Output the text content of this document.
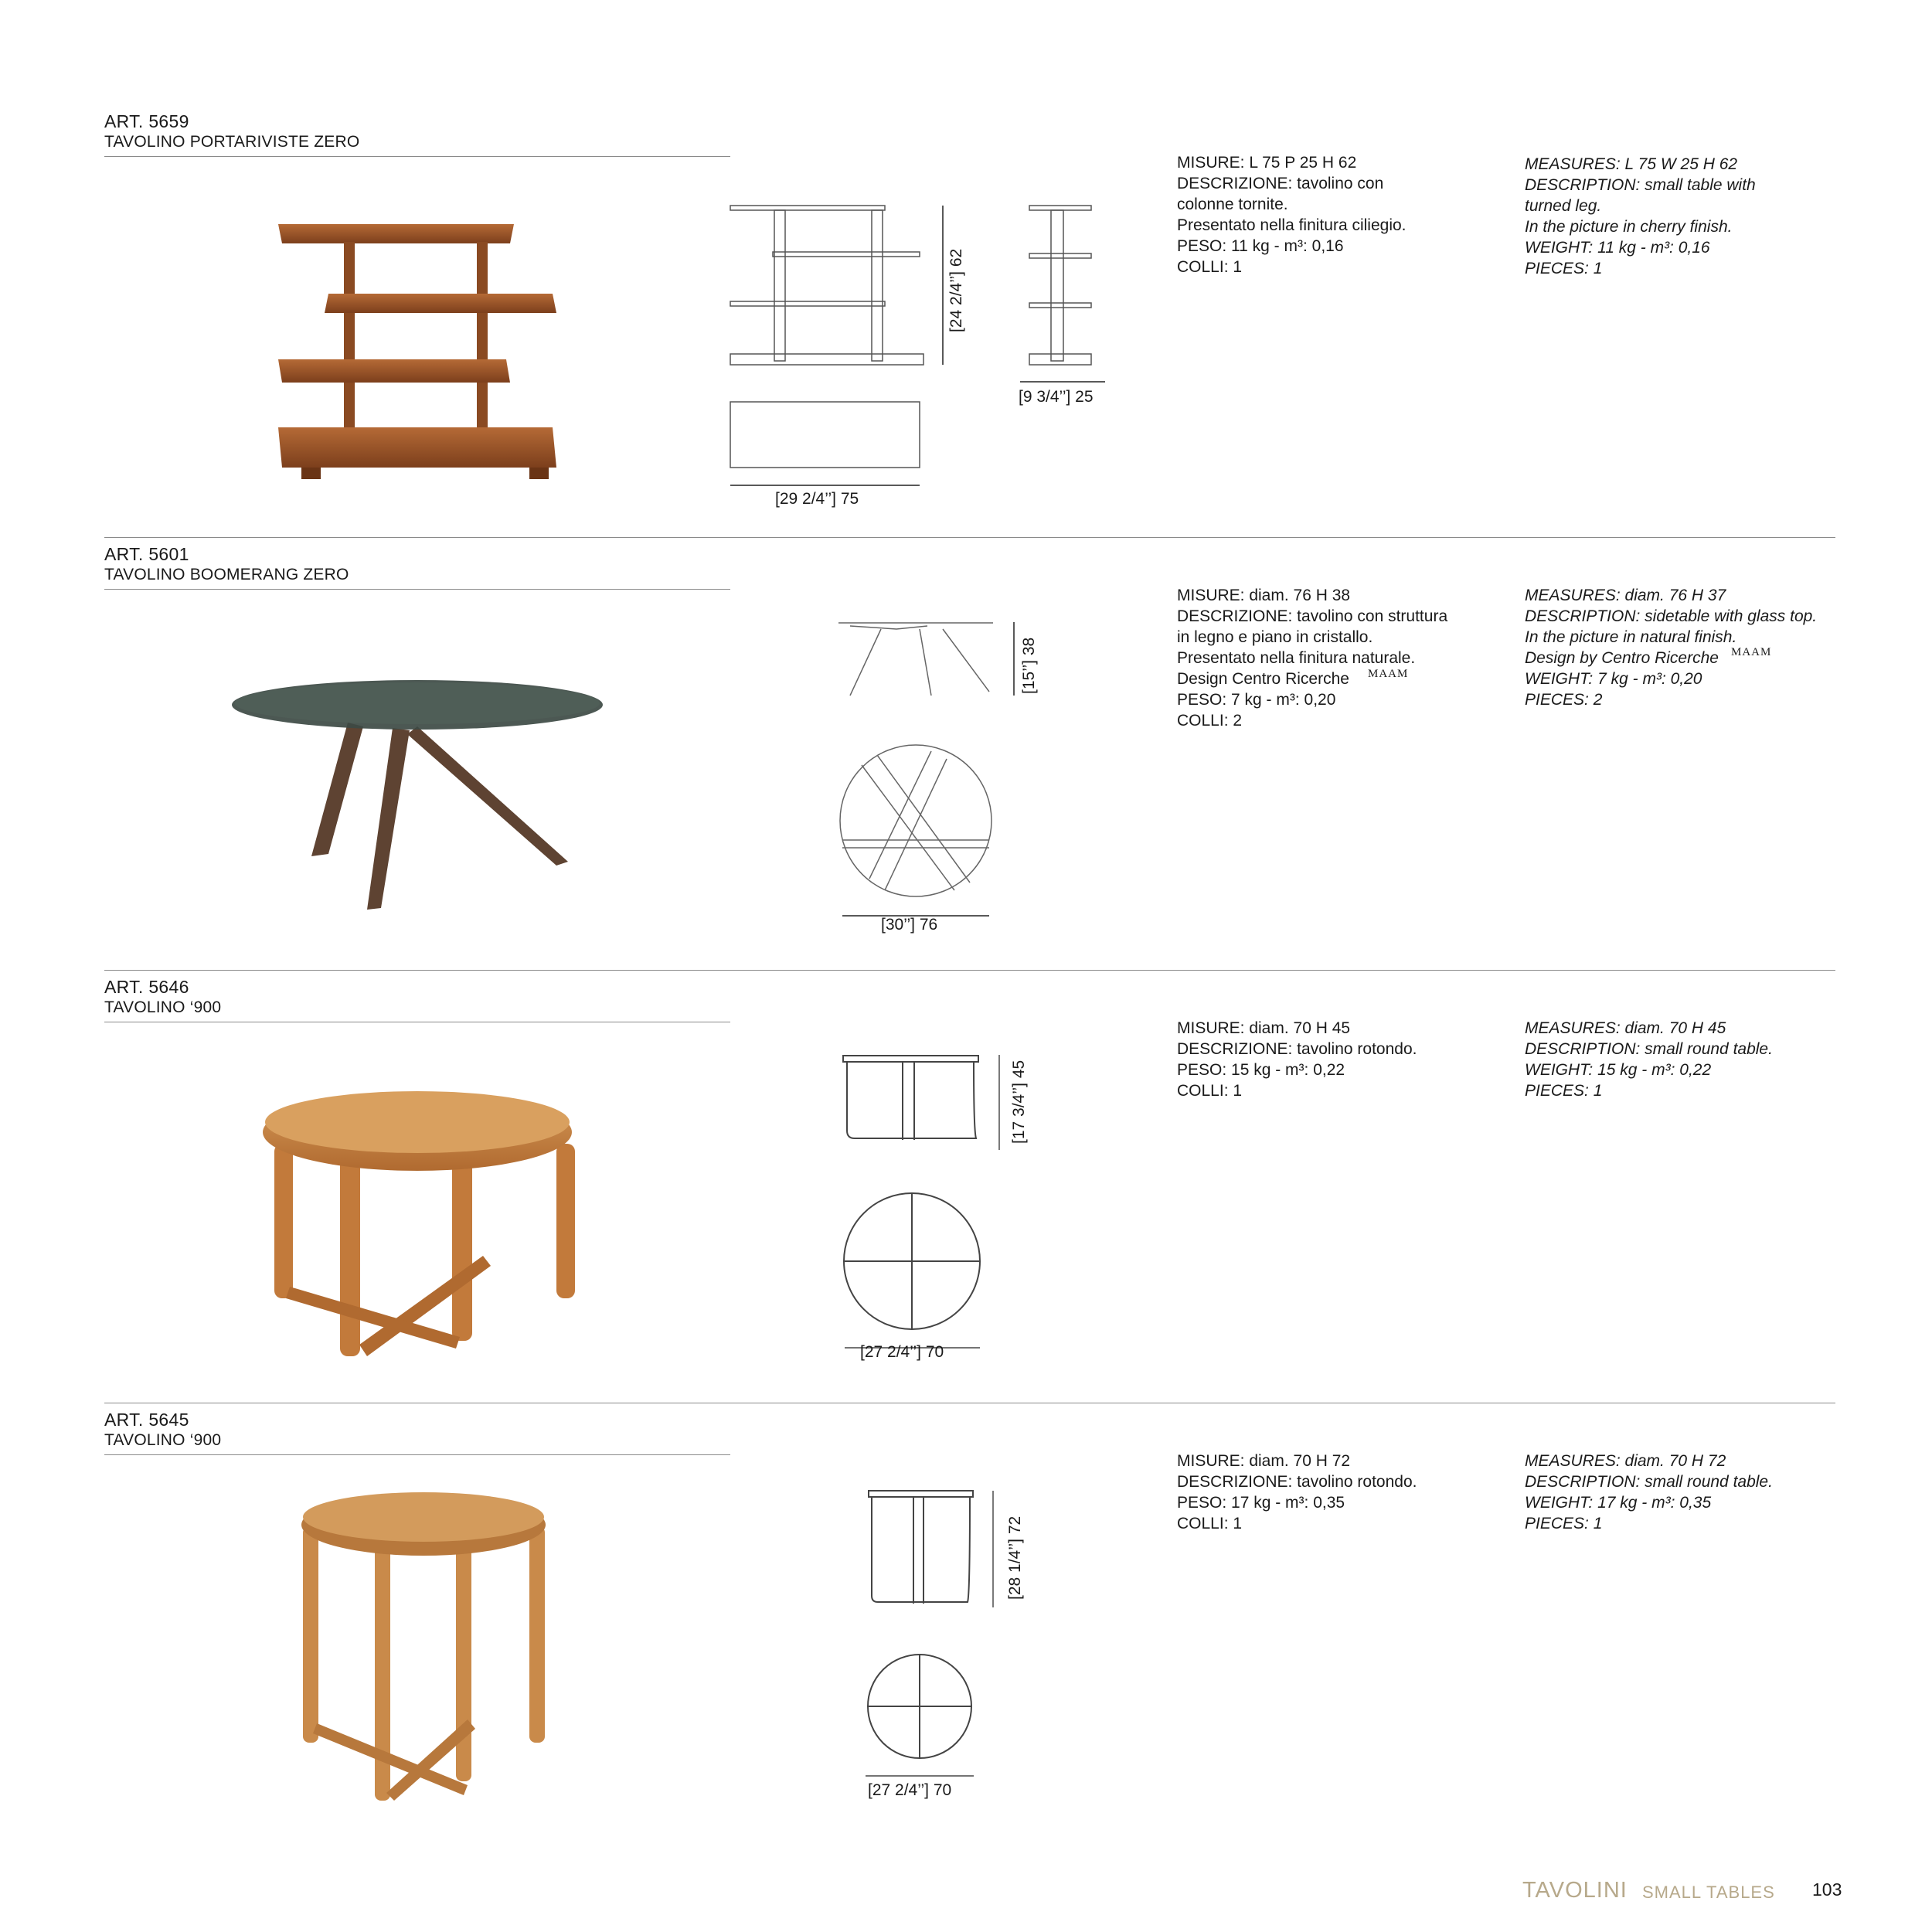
ART. 5659
TAVOLINO PORTARIVISTE ZERO
[29 2/4’’] 75
[24 2/4’’] 62
[9 3/4’’] 25
MISURE: L 75 P 25 H 62
DESCRIZIONE: tavolino con
colonne tornite.
Presentato nella finitura ciliegio.
PESO: 11 kg - m³: 0,16
COLLI: 1
MEASURES: L 75 W 25 H 62
DESCRIPTION: small table with
turned leg.
In the picture in cherry finish.
WEIGHT: 11 kg - m³: 0,16
PIECES: 1
ART. 5601
TAVOLINO BOOMERANG ZERO
[30’’] 76
[15’’] 38
MISURE: diam. 76 H 38
DESCRIZIONE: tavolino con struttura
in legno e piano in cristallo.
Presentato nella finitura naturale.
Design Centro Ricerche
PESO: 7 kg - m³: 0,20
COLLI: 2
MAAM

MEASURES: diam. 76 H 37
DESCRIPTION: sidetable with glass top.
In the picture in natural finish.
Design by Centro Ricerche
WEIGHT: 7 kg - m³: 0,20
PIECES: 2
MAAM

ART. 5646
TAVOLINO ‘900
[27 2/4’’] 70
[17 3/4’’] 45
MISURE: diam. 70 H 45
DESCRIZIONE: tavolino rotondo.
PESO: 15 kg - m³: 0,22
COLLI: 1
MEASURES: diam. 70 H 45
DESCRIPTION: small round table.
WEIGHT: 15 kg - m³: 0,22
PIECES: 1
ART. 5645
TAVOLINO ‘900
[27 2/4’’] 70
[28 1/4’’] 72
MISURE: diam. 70 H 72
DESCRIZIONE: tavolino rotondo.
PESO: 17 kg - m³: 0,35
COLLI: 1
MEASURES: diam. 70 H 72
DESCRIPTION: small round table.
WEIGHT: 17 kg - m³: 0,35
PIECES: 1
TAVOLINI SMALL TABLES 103
